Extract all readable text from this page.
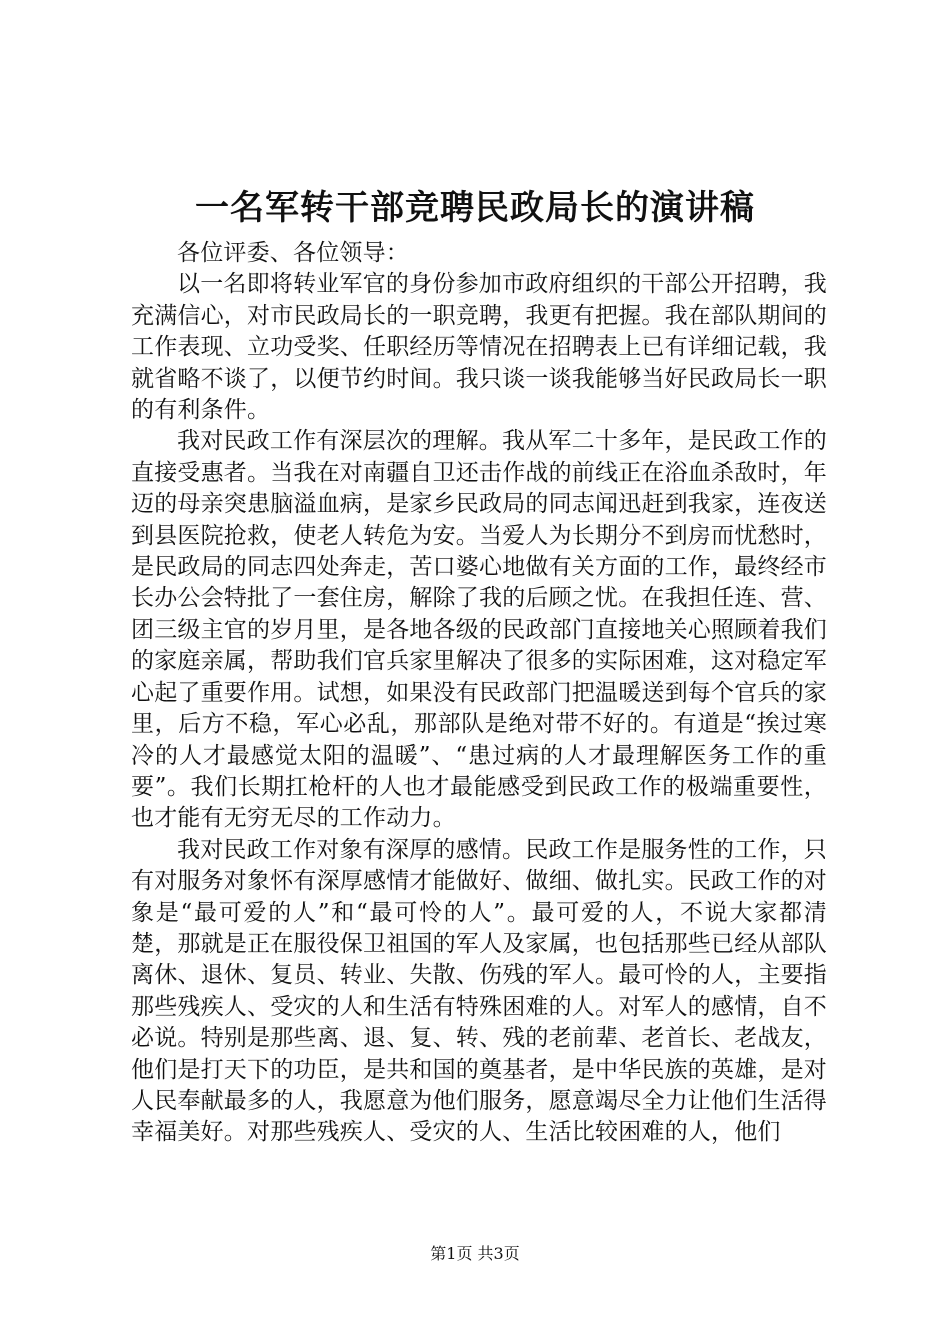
一名军转干部竞聘民政局长的演讲稿

各位评委、各位领导：

以一名即将转业军官的身份参加市政府组织的干部公开招聘，我充满信心，对市民政局长的一职竞聘，我更有把握。我在部队期间的工作表现、立功受奖、任职经历等情况在招聘表上已有详细记载，我就省略不谈了，以便节约时间。我只谈一谈我能够当好民政局长一职的有利条件。

我对民政工作有深层次的理解。我从军二十多年，是民政工作的直接受惠者。当我在对南疆自卫还击作战的前线正在浴血杀敌时，年迈的母亲突患脑溢血病，是家乡民政局的同志闻迅赶到我家，连夜送到县医院抢救，使老人转危为安。当爱人为长期分不到房而忧愁时，是民政局的同志四处奔走，苦口婆心地做有关方面的工作，最终经市长办公会特批了一套住房，解除了我的后顾之忧。在我担任连、营、团三级主官的岁月里，是各地各级的民政部门直接地关心照顾着我们的家庭亲属，帮助我们官兵家里解决了很多的实际困难，这对稳定军心起了重要作用。试想，如果没有民政部门把温暖送到每个官兵的家里，后方不稳，军心必乱，那部队是绝对带不好的。有道是“挨过寒冷的人才最感觉太阳的温暖”、“患过病的人才最理解医务工作的重要”。我们长期扛枪杆的人也才最能感受到民政工作的极端重要性，也才能有无穷无尽的工作动力。

我对民政工作对象有深厚的感情。民政工作是服务性的工作，只有对服务对象怀有深厚感情才能做好、做细、做扎实。民政工作的对象是“最可爱的人”和“最可怜的人”。最可爱的人，不说大家都清楚，那就是正在服役保卫祖国的军人及家属，也包括那些已经从部队离休、退休、复员、转业、失散、伤残的军人。最可怜的人，主要指那些残疾人、受灾的人和生活有特殊困难的人。对军人的感情，自不必说。特别是那些离、退、复、转、残的老前辈、老首长、老战友，他们是打天下的功臣，是共和国的奠基者，是中华民族的英雄，是对人民奉献最多的人，我愿意为他们服务，愿意竭尽全力让他们生活得幸福美好。对那些残疾人、受灾的人、生活比较困难的人，他们

第1页 共3页
